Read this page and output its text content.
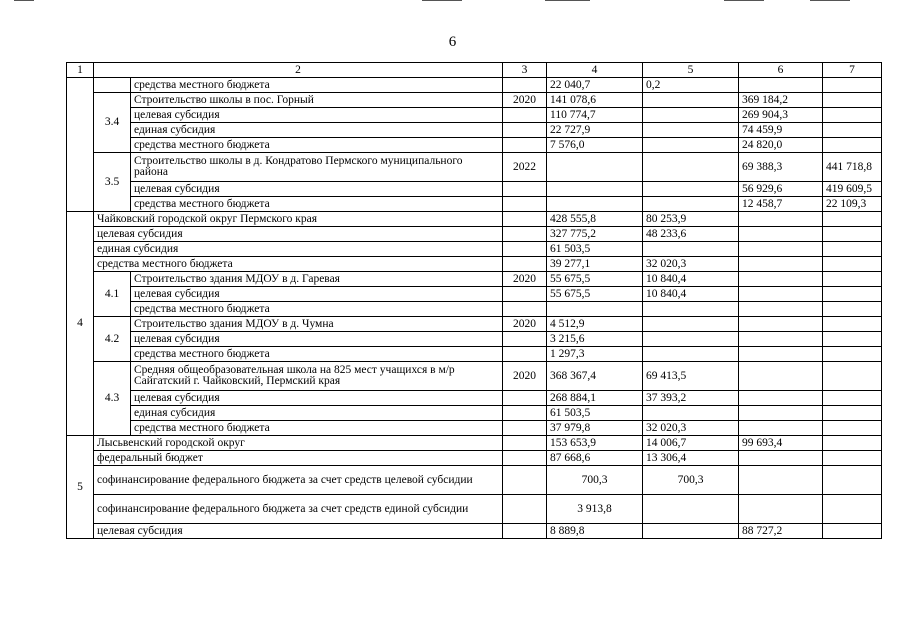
6
1	2		3	4	5	6	7
		средства местного бюджета		22 040,7	0,2		
	3.4	Строительство школы в пос. Горный	2020	141 078,6		369 184,2	
		целевая субсидия		110 774,7		269 904,3	
		единая субсидия		22 727,9		74 459,9	
		средства местного бюджета		7 576,0		24 820,0	
	3.5	Строительство школы в д. Кондратово Пермского муниципального района	2022			69 388,3	441 718,8
		целевая субсидия				56 929,6	419 609,5
		средства местного бюджета				12 458,7	22 109,3
4	Чайковский городской округ Пермского края			428 555,8	80 253,9		
	целевая субсидия			327 775,2	48 233,6		
	единая субсидия			61 503,5			
	средства местного бюджета			39 277,1	32 020,3		
	4.1	Строительство здания МДОУ в д. Гаревая	2020	55 675,5	10 840,4		
		целевая субсидия		55 675,5	10 840,4		
		средства местного бюджета					
	4.2	Строительство здания МДОУ в д. Чумна	2020	4 512,9			
		целевая субсидия		3 215,6			
		средства местного бюджета		1 297,3			
	4.3	Средняя общеобразовательная школа на 825 мест учащихся в м/р Сайгатский г. Чайковский, Пермский края	2020	368 367,4	69 413,5		
		целевая субсидия		268 884,1	37 393,2		
		единая субсидия		61 503,5			
		средства местного бюджета		37 979,8	32 020,3		
5	Лысьвенский городской округ			153 653,9	14 006,7	99 693,4	
	федеральный бюджет			87 668,6	13 306,4		
	софинансирование федерального бюджета за счет средств целевой субсидии			700,3	700,3		
	софинансирование федерального бюджета за счет средств единой субсидии			3 913,8			
	целевая субсидия			8 889,8		88 727,2	
